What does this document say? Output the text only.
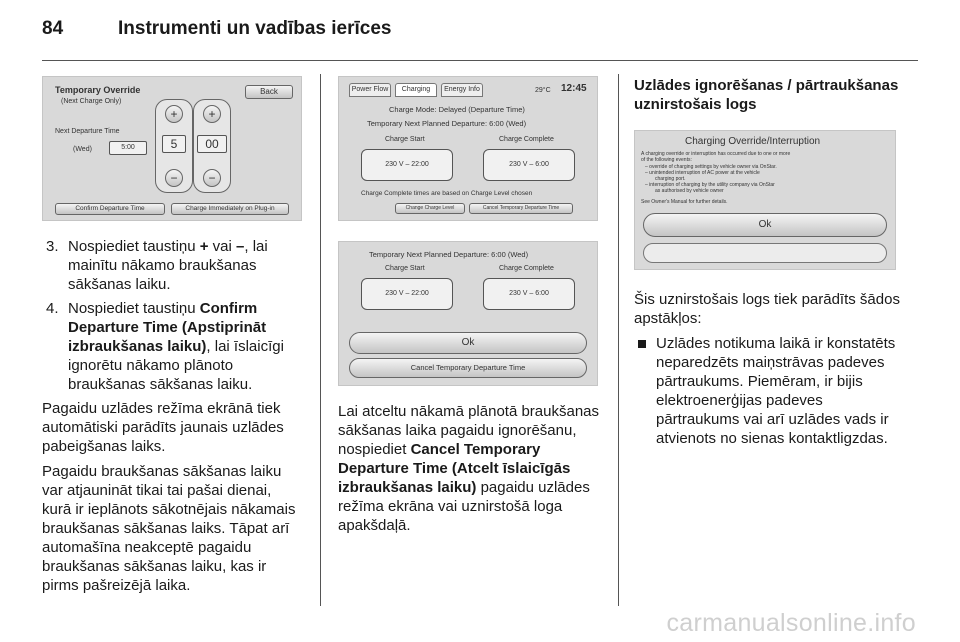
84	Instrumenti un vadības ierīces
Temporary Override
(Next Charge Only)
Back
Next Departure Time
(Wed)	5:00
+	+
5	00
−	−
Confirm Departure Time	Charge Immediately on Plug-in
3. Nospiediet taustiņu + vai –, lai mainītu nākamo braukšanas sākšanas laiku.
4. Nospiediet taustiņu Confirm Departure Time (Apstiprināt izbraukšanas laiku), lai īslaicīgi ignorētu nākamo plānoto braukšanas sākšanas laiku.

Pagaidu uzlādes režīma ekrānā tiek automātiski parādīts jaunais uzlādes pabeigšanas laiks.

Pagaidu braukšanas sākšanas laiku var atjaunināt tikai tai pašai dienai, kurā ir ieplānots sākotnējais nākamais braukšanas sākšanas laiks. Tāpat arī automašīna neakceptē pagaidu braukšanas sākšanas laiku, kas ir pirms pašreizējā laika.

Power Flow	Charging	Energy Info	29°C 12:45
Charge Mode: Delayed (Departure Time)
Temporary Next Planned Departure: 6:00 (Wed)
Charge Start	Charge Complete
230 V – 22:00	230 V – 6:00
Charge Complete times are based on Charge Level chosen
Change Charge Level	Cancel Temporary Departure Time
Temporary Next Planned Departure: 6:00 (Wed)
Charge Start	Charge Complete
230 V – 22:00	230 V – 6:00
Ok
Cancel Temporary Departure Time

Lai atceltu nākamā plānotā braukšanas sākšanas laika pagaidu ignorēšanu, nospiediet Cancel Temporary Departure Time (Atcelt īslaicīgās izbraukšanas laiku) pagaidu uzlādes režīma ekrāna vai uznirstošā loga apakšdaļā.

Uzlādes ignorēšanas / pārtraukšanas uznirstošais logs
Charging Override/Interruption
A charging override or interruption has occurred due to one or more
of the following events:
– override of charging settings by vehicle owner via OnStar.
– unintended interruption of AC power at the vehicle
charging port.
– interruption of charging by the utility company via OnStar
as authorised by vehicle owner
See Owner's Manual for further details.
Ok

Šis uznirstošais logs tiek parādīts šādos apstākļos:

Uzlādes notikuma laikā ir konstatēts neparedzēts maiņstrāvas padeves pārtraukums. Piemēram, ir bijis elektroenerģijas padeves pārtraukums vai arī uzlādes vads ir atvienots no sienas kontaktligzdas.
carmanualsonline.info
